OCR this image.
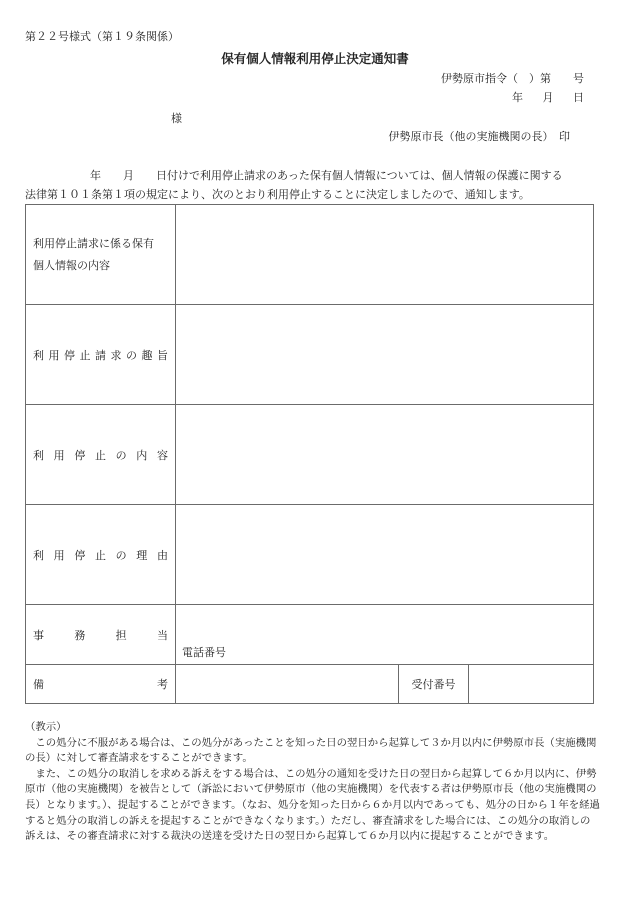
第２２号様式（第１９条関係）
保有個人情報利用停止決定通知書
伊勢原市指令（　）第　　号
年 月 日
様
伊勢原市長（他の実施機関の長）　印
年　　月　　日付けで利用停止請求のあった保有個人情報については、個人情報の保護に関する
法律第１０１条第１項の規定により、次のとおり利用停止することに決定しましたので、通知します。
利用停止請求に係る保有
個人情報の内容			

利 用 停 止 請 求 の 趣 旨

利 用 停 止 の 内 容

利 用 停 止 の 理 由

事 務 担 当	電話番号		

備 考		受付番号	

（教示）

この処分に不服がある場合は、この処分があったことを知った日の翌日から起算して３か月以内に伊勢原市長（実施機関の長）に対して審査請求をすることができます。

また、この処分の取消しを求める訴えをする場合は、この処分の通知を受けた日の翌日から起算して６か月以内に、伊勢原市（他の実施機関）を被告として（訴訟において伊勢原市（他の実施機関）を代表する者は伊勢原市長（他の実施機関の長）となります。）、提起することができます。（なお、処分を知った日から６か月以内であっても、処分の日から１年を経過すると処分の取消しの訴えを提起することができなくなります。）ただし、審査請求をした場合には、この処分の取消しの訴えは、その審査請求に対する裁決の送達を受けた日の翌日から起算して６か月以内に提起することができます。
